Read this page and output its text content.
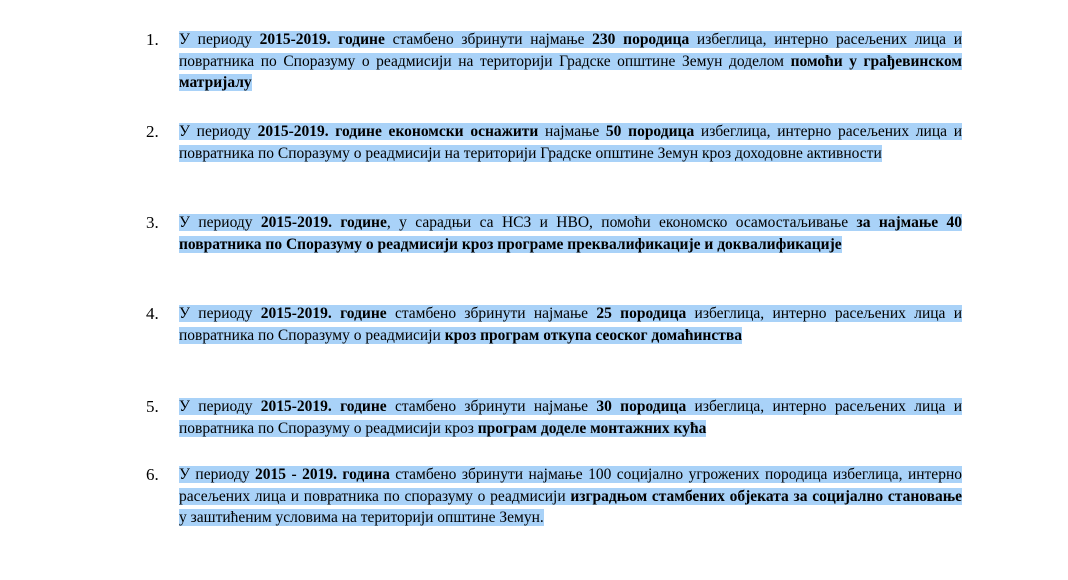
1. У периоду 2015-2019. године стамбено збринути најмање 230 породица избеглица, интерно расељених лица и повратника по Споразуму о реадмисији на територији Градске општине Земун доделом помоћи у грађевинском матријалу
2. У периоду 2015-2019. године економски оснажити најмање 50 породица избеглица, интерно расељених лица и повратника по Споразуму о реадмисији на територији Градске општине Земун кроз доходовне активности
3. У периоду 2015-2019. године, у сарадњи са НСЗ и НВО, помоћи економско осамостаљивање за најмање 40 повратника по Споразуму о реадмисији кроз програме преквалификације и доквалификације
4. У периоду 2015-2019. године стамбено збринути најмање 25 породица избеглица, интерно расељених лица и повратника по Споразуму о реадмисији кроз програм откупа сеоског домаћинства
5. У периоду 2015-2019. године стамбено збринути најмање 30 породица избеглица, интерно расељених лица и повратника по Споразуму о реадмисији кроз програм доделе монтажних кућа
6. У периоду 2015 - 2019. година стамбено збринути најмање 100 социјално угрожених породица избеглица, интерно расељених лица и повратника по споразуму о реадмисији изградњом стамбених објеката за социјално становање у заштићеним условима на територији општине Земун.
